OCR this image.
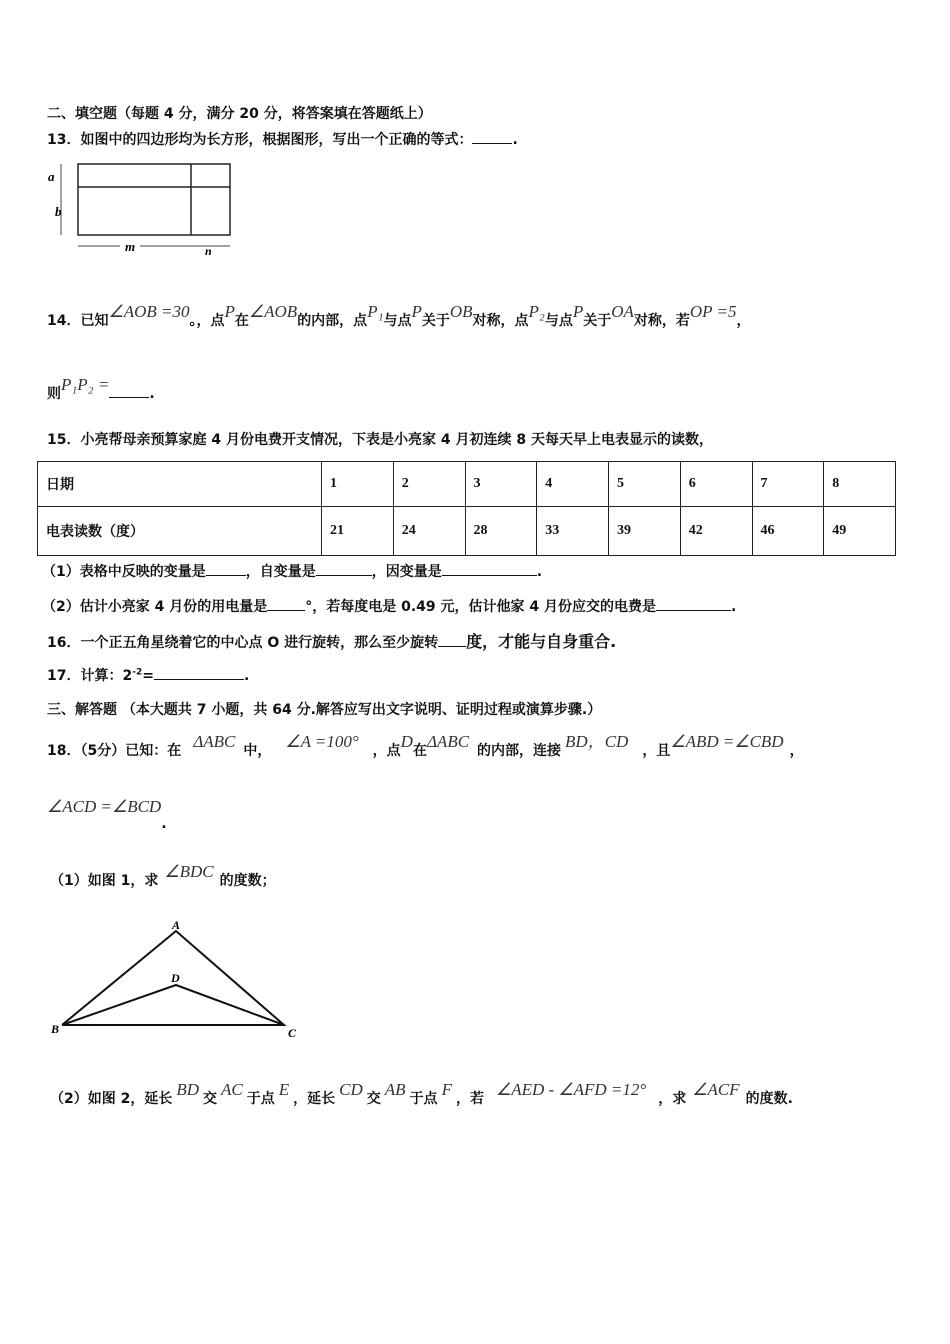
二、填空题（每题 4 分，满分 20 分，将答案填在答题纸上）
13．如图中的四边形均为长方形，根据图形，写出一个正确的等式：	.
a
b
m	n
14．已知∠AOB =30。，点P在∠AOB的内部，点P₁与点P关于OB对称，点P₂与点P关于OA对称，若OP =5，
则P₁P₂ =	.
15．小亮帮母亲预算家庭 4 月份电费开支情况，下表是小亮家 4 月初连续 8 天每天早上电表显示的读数，
日期	1	2	3	4	5	6	7	8
电表读数（度）	21	24	28	33	39	42	46	49
（1）表格中反映的变量是	，自变量是	，因变量是	.
（2）估计小亮家 4 月份的用电量是	°，若每度电是 0.49 元，估计他家 4 月份应交的电费是	.
16．一个正五角星绕着它的中心点 O 进行旋转，那么至少旋转 度，才能与自身重合.
17．计算：$2^{-2}=$	.
三、解答题 （本大题共 7 小题，共 64 分.解答应写出文字说明、证明过程或演算步骤.）
18．（5分）已知：在 ΔABC 中， ∠A =100° ，点D在ΔABC 的内部，连接 BD，CD ，且∠ABD =∠CBD ，
∠ACD =∠BCD.
（1）如图 1，求 ∠BDC 的度数；
A
D
B	C
（2）如图 2，延长 BD 交 AC 于点 E ，延长 CD 交 AB 于点 F ，若 ∠AED - ∠AFD =12° ，求 ∠ACF 的度数.
